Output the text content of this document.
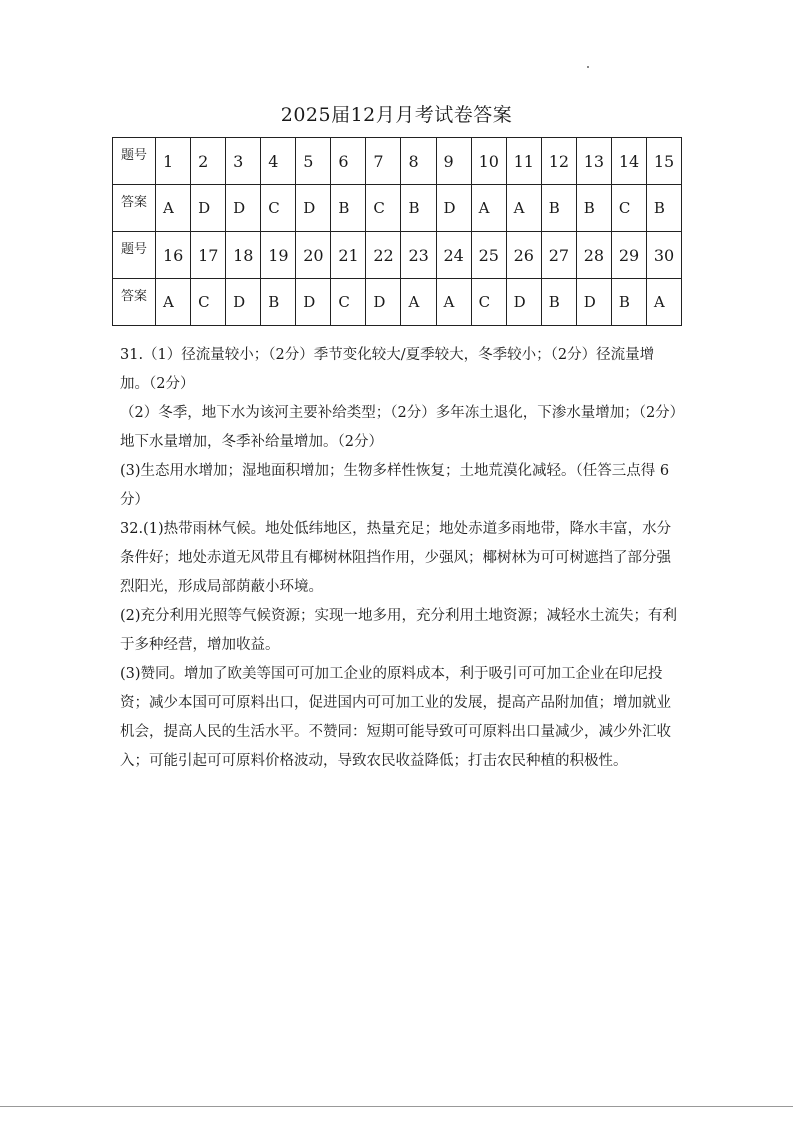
2025届12月月考试卷答案
题号	1	2	3	4	5	6	7	8	9	10	11	12	13	14	15
答案	A	D	D	C	D	B	C	B	D	A	A	B	B	C	B
题号	16	17	18	19	20	21	22	23	24	25	26	27	28	29	30
答案	A	C	D	B	D	C	D	A	A	C	D	B	D	B	A

31.（1）径流量较小；（2分）季节变化较大/夏季较大，冬季较小；（2分）径流量增加。（2分）

（2）冬季，地下水为该河主要补给类型；（2分）多年冻土退化，下渗水量增加；（2分）地下水量增加，冬季补给量增加。（2分）

(3)生态用水增加；湿地面积增加；生物多样性恢复；土地荒漠化减轻。（任答三点得 6 分）

32.(1)热带雨林气候。地处低纬地区，热量充足；地处赤道多雨地带，降水丰富，水分条件好；地处赤道无风带且有椰树林阻挡作用，少强风；椰树林为可可树遮挡了部分强烈阳光，形成局部荫蔽小环境。

(2)充分利用光照等气候资源；实现一地多用，充分利用土地资源；减轻水土流失；有利于多种经营，增加收益。

(3)赞同。增加了欧美等国可可加工企业的原料成本，利于吸引可可加工企业在印尼投资；减少本国可可原料出口，促进国内可可加工业的发展，提高产品附加值；增加就业机会，提高人民的生活水平。不赞同：短期可能导致可可原料出口量减少，减少外汇收入；可能引起可可原料价格波动，导致农民收益降低；打击农民种植的积极性。
